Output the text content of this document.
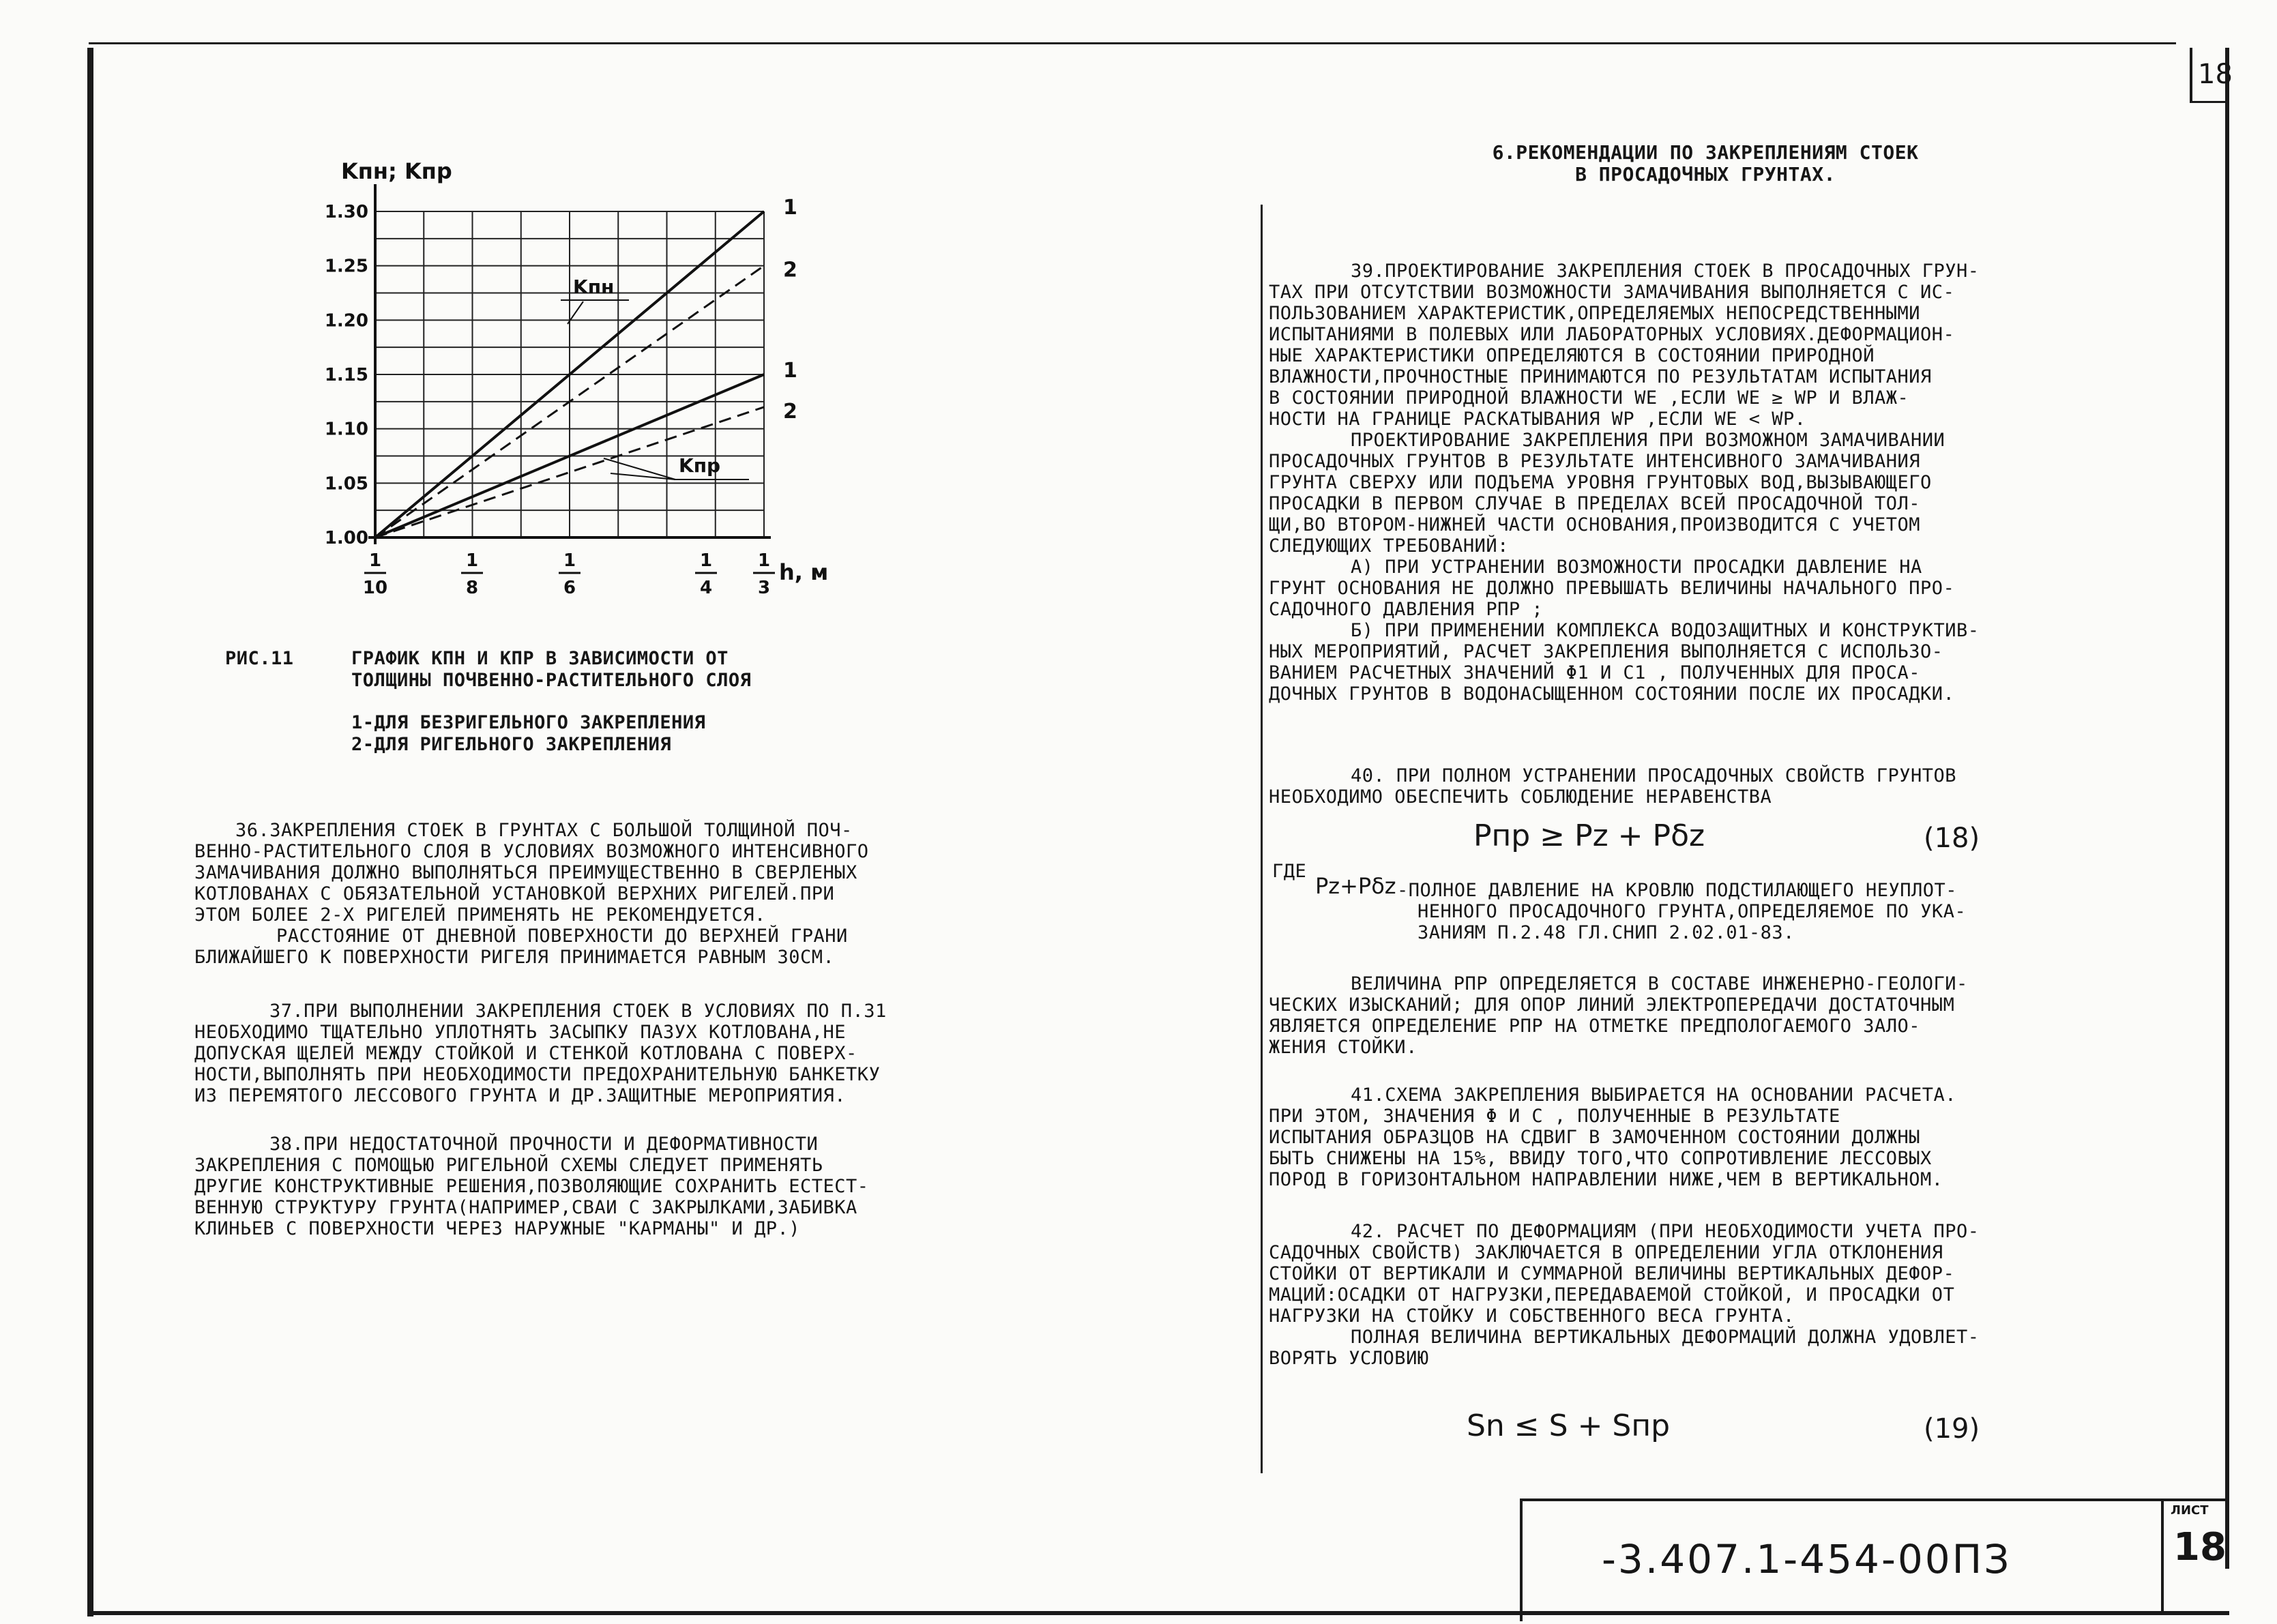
18
ЛИСТ
18
-3.407.1-454-00ПЗ
1.00
1.05
1.10
1.15
1.20
1.25
1.30
1
10
1
8
1
6
1
4
1
3
Kпн; Kпр
h, м
1
2
1
2
Kпн
Kпр
РИС.11	ГРАФИК KПН И KПР В ЗАВИСИМОСТИ ОТ
ТОЛЩИНЫ ПОЧВЕННО-РАСТИТЕЛЬНОГО СЛОЯ
1-ДЛЯ БЕЗРИГЕЛЬНОГО ЗАКРЕПЛЕНИЯ
2-ДЛЯ РИГЕЛЬНОГО ЗАКРЕПЛЕНИЯ
36.ЗАКРЕПЛЕНИЯ СТОЕК В ГРУНТАХ С БОЛЬШОЙ ТОЛЩИНОЙ ПОЧ-
ВЕННО-РАСТИТЕЛЬНОГО СЛОЯ В УСЛОВИЯХ ВОЗМОЖНОГО ИНТЕНСИВНОГО
ЗАМАЧИВАНИЯ ДОЛЖНО ВЫПОЛНЯТЬСЯ ПРЕИМУЩЕСТВЕННО В СВЕРЛЕНЫХ
КОТЛОВАНАХ С ОБЯЗАТЕЛЬНОЙ УСТАНОВКОЙ ВЕРХНИХ РИГЕЛЕЙ.ПРИ
ЭТОМ БОЛЕЕ 2-Х РИГЕЛЕЙ ПРИМЕНЯТЬ НЕ РЕКОМЕНДУЕТСЯ.
РАССТОЯНИЕ ОТ ДНЕВНОЙ ПОВЕРХНОСТИ ДО ВЕРХНЕЙ ГРАНИ
БЛИЖАЙШЕГО К ПОВЕРХНОСТИ РИГЕЛЯ ПРИНИМАЕТСЯ РАВНЫМ 30СМ.
37.ПРИ ВЫПОЛНЕНИИ ЗАКРЕПЛЕНИЯ СТОЕК В УСЛОВИЯХ ПО П.31
НЕОБХОДИМО ТЩАТЕЛЬНО УПЛОТНЯТЬ ЗАСЫПКУ ПАЗУХ КОТЛОВАНА,НЕ
ДОПУСКАЯ ЩЕЛЕЙ МЕЖДУ СТОЙКОЙ И СТЕНКОЙ КОТЛОВАНА С ПОВЕРХ-
НОСТИ,ВЫПОЛНЯТЬ ПРИ НЕОБХОДИМОСТИ ПРЕДОХРАНИТЕЛЬНУЮ БАНКЕТКУ
ИЗ ПЕРЕМЯТОГО ЛЕССОВОГО ГРУНТА И ДР.ЗАЩИТНЫЕ МЕРОПРИЯТИЯ.
38.ПРИ НЕДОСТАТОЧНОЙ ПРОЧНОСТИ И ДЕФОРМАТИВНОСТИ
ЗАКРЕПЛЕНИЯ С ПОМОЩЬЮ РИГЕЛЬНОЙ СХЕМЫ СЛЕДУЕТ ПРИМЕНЯТЬ
ДРУГИЕ КОНСТРУКТИВНЫЕ РЕШЕНИЯ,ПОЗВОЛЯЮЩИЕ СОХРАНИТЬ ЕСТЕСТ-
ВЕННУЮ СТРУКТУРУ ГРУНТА(НАПРИМЕР,СВАИ С ЗАКРЫЛКАМИ,ЗАБИВКА
КЛИНЬЕВ С ПОВЕРХНОСТИ ЧЕРЕЗ НАРУЖНЫЕ "КАРМАНЫ" И ДР.)
6.РЕКОМЕНДАЦИИ ПО ЗАКРЕПЛЕНИЯМ СТОЕК
В ПРОСАДОЧНЫХ ГРУНТАХ.
39.ПРОЕКТИРОВАНИЕ ЗАКРЕПЛЕНИЯ СТОЕК В ПРОСАДОЧНЫХ ГРУН-
ТАХ ПРИ ОТСУТСТВИИ ВОЗМОЖНОСТИ ЗАМАЧИВАНИЯ ВЫПОЛНЯЕТСЯ С ИС-
ПОЛЬЗОВАНИЕМ ХАРАКТЕРИСТИК,ОПРЕДЕЛЯЕМЫХ НЕПОСРЕДСТВЕННЫМИ
ИСПЫТАНИЯМИ В ПОЛЕВЫХ ИЛИ ЛАБОРАТОРНЫХ УСЛОВИЯХ.ДЕФОРМАЦИОН-
НЫЕ ХАРАКТЕРИСТИКИ ОПРЕДЕЛЯЮТСЯ В СОСТОЯНИИ ПРИРОДНОЙ
ВЛАЖНОСТИ,ПРОЧНОСТНЫЕ ПРИНИМАЮТСЯ ПО РЕЗУЛЬТАТАМ ИСПЫТАНИЯ
В СОСТОЯНИИ ПРИРОДНОЙ ВЛАЖНОСТИ WE ,ЕСЛИ WE ≥ WP И ВЛАЖ-
НОСТИ НА ГРАНИЦЕ РАСКАТЫВАНИЯ WP ,ЕСЛИ WE < WP.
ПРОЕКТИРОВАНИЕ ЗАКРЕПЛЕНИЯ ПРИ ВОЗМОЖНОМ ЗАМАЧИВАНИИ
ПРОСАДОЧНЫХ ГРУНТОВ В РЕЗУЛЬТАТЕ ИНТЕНСИВНОГО ЗАМАЧИВАНИЯ
ГРУНТА СВЕРХУ ИЛИ ПОДЪЕМА УРОВНЯ ГРУНТОВЫХ ВОД,ВЫЗЫВАЮЩЕГО
ПРОСАДКИ В ПЕРВОМ СЛУЧАЕ В ПРЕДЕЛАХ ВСЕЙ ПРОСАДОЧНОЙ ТОЛ-
ЩИ,ВО ВТОРОМ-НИЖНЕЙ ЧАСТИ ОСНОВАНИЯ,ПРОИЗВОДИТСЯ С УЧЕТОМ
СЛЕДУЮЩИХ ТРЕБОВАНИЙ:
А) ПРИ УСТРАНЕНИИ ВОЗМОЖНОСТИ ПРОСАДКИ ДАВЛЕНИЕ НА
ГРУНТ ОСНОВАНИЯ НЕ ДОЛЖНО ПРЕВЫШАТЬ ВЕЛИЧИНЫ НАЧАЛЬНОГО ПРО-
САДОЧНОГО ДАВЛЕНИЯ PПР ;
Б) ПРИ ПРИМЕНЕНИИ КОМПЛЕКСА ВОДОЗАЩИТНЫХ И КОНСТРУКТИВ-
НЫХ МЕРОПРИЯТИЙ, РАСЧЕТ ЗАКРЕПЛЕНИЯ ВЫПОЛНЯЕТСЯ С ИСПОЛЬЗО-
ВАНИЕМ РАСЧЕТНЫХ ЗНАЧЕНИЙ Φ1 И C1 , ПОЛУЧЕННЫХ ДЛЯ ПРОСА-
ДОЧНЫХ ГРУНТОВ В ВОДОНАСЫЩЕННОМ СОСТОЯНИИ ПОСЛЕ ИХ ПРОСАДКИ.
40. ПРИ ПОЛНОМ УСТРАНЕНИИ ПРОСАДОЧНЫХ СВОЙСТВ ГРУНТОВ
НЕОБХОДИМО ОБЕСПЕЧИТЬ СОБЛЮДЕНИЕ НЕРАВЕНСТВА
Pпр ≥ Pz + Pδz	(18)
ГДЕ
Pz+Pδz -ПОЛНОЕ ДАВЛЕНИЕ НА КРОВЛЮ ПОДСТИЛАЮЩЕГО НЕУПЛОТ-
НЕННОГО ПРОСАДОЧНОГО ГРУНТА,ОПРЕДЕЛЯЕМОЕ ПО УКА-
ЗАНИЯМ П.2.48 ГЛ.СНИП 2.02.01-83.
ВЕЛИЧИНА PПР ОПРЕДЕЛЯЕТСЯ В СОСТАВЕ ИНЖЕНЕРНО-ГЕОЛОГИ-
ЧЕСКИХ ИЗЫСКАНИЙ; ДЛЯ ОПОР ЛИНИЙ ЭЛЕКТРОПЕРЕДАЧИ ДОСТАТОЧНЫМ
ЯВЛЯЕТСЯ ОПРЕДЕЛЕНИЕ PПР НА ОТМЕТКЕ ПРЕДПОЛОГАЕМОГО ЗАЛО-
ЖЕНИЯ СТОЙКИ.
41.СХЕМА ЗАКРЕПЛЕНИЯ ВЫБИРАЕТСЯ НА ОСНОВАНИИ РАСЧЕТА.
ПРИ ЭТОМ, ЗНАЧЕНИЯ Φ И C , ПОЛУЧЕННЫЕ В РЕЗУЛЬТАТЕ
ИСПЫТАНИЯ ОБРАЗЦОВ НА СДВИГ В ЗАМОЧЕННОМ СОСТОЯНИИ ДОЛЖНЫ
БЫТЬ СНИЖЕНЫ НА 15%, ВВИДУ ТОГО,ЧТО СОПРОТИВЛЕНИЕ ЛЕССОВЫХ
ПОРОД В ГОРИЗОНТАЛЬНОМ НАПРАВЛЕНИИ НИЖЕ,ЧЕМ В ВЕРТИКАЛЬНОМ.
42. РАСЧЕТ ПО ДЕФОРМАЦИЯМ (ПРИ НЕОБХОДИМОСТИ УЧЕТА ПРО-
САДОЧНЫХ СВОЙСТВ) ЗАКЛЮЧАЕТСЯ В ОПРЕДЕЛЕНИИ УГЛА ОТКЛОНЕНИЯ
СТОЙКИ ОТ ВЕРТИКАЛИ И СУММАРНОЙ ВЕЛИЧИНЫ ВЕРТИКАЛЬНЫХ ДЕФОР-
МАЦИЙ:ОСАДКИ ОТ НАГРУЗКИ,ПЕРЕДАВАЕМОЙ СТОЙКОЙ, И ПРОСАДКИ ОТ
НАГРУЗКИ НА СТОЙКУ И СОБСТВЕННОГО ВЕСА ГРУНТА.
ПОЛНАЯ ВЕЛИЧИНА ВЕРТИКАЛЬНЫХ ДЕФОРМАЦИЙ ДОЛЖНА УДОВЛЕТ-
ВОРЯТЬ УСЛОВИЮ
Sn ≤ S + Sпр	(19)
